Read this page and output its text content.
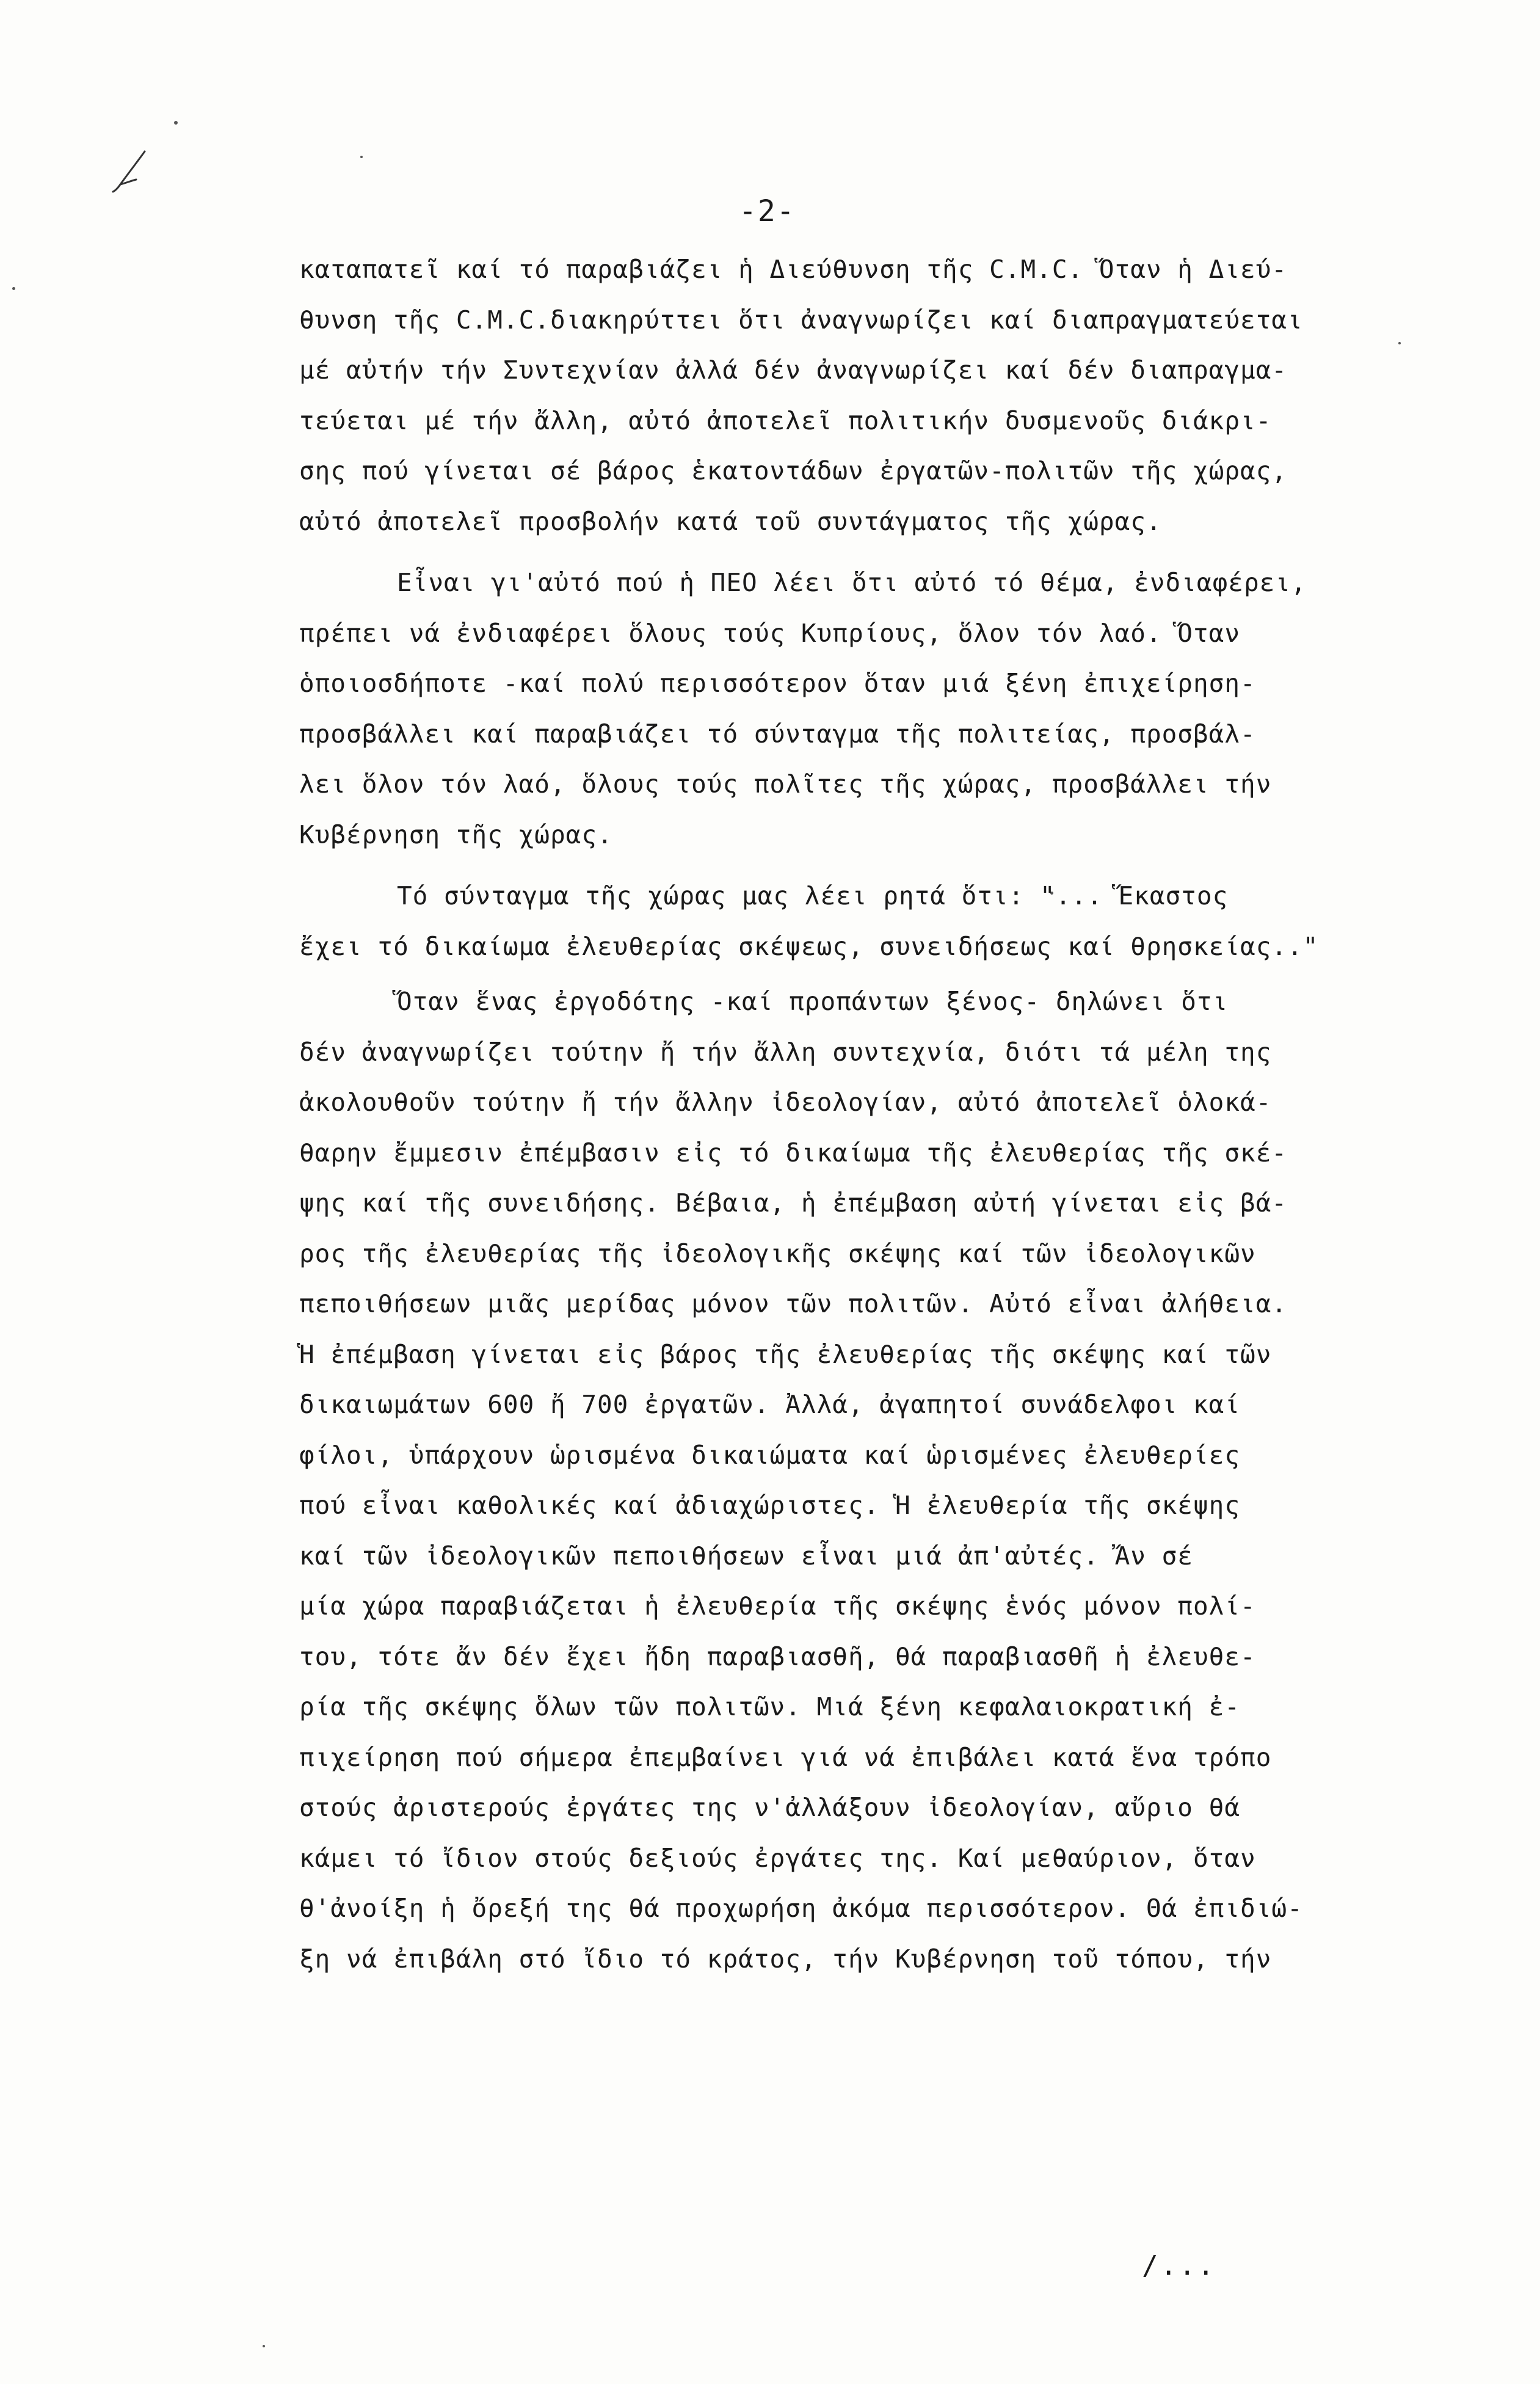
-2-
καταπατεῖ καί τό παραβιάζει ἡ Διεύθυνση τῆς C.M.C. Ὅταν ἡ Διεύ-
θυνση τῆς C.M.C.διακηρύττει ὅτι ἀναγνωρίζει καί διαπραγματεύεται
μέ αὐτήν τήν Συντεχνίαν ἀλλά δέν ἀναγνωρίζει καί δέν διαπραγμα-
τεύεται μέ τήν ἄλλη, αὐτό ἀποτελεῖ πολιτικήν δυσμενοῦς διάκρι-
σης πού γίνεται σέ βάρος ἑκατοντάδων ἐργατῶν-πολιτῶν τῆς χώρας,
αὐτό ἀποτελεῖ προσβολήν κατά τοῦ συντάγματος τῆς χώρας.
Εἶναι γι'αὐτό πού ἡ ΠΕΟ λέει ὅτι αὐτό τό θέμα, ἐνδιαφέρει,
πρέπει νά ἐνδιαφέρει ὅλους τούς Κυπρίους, ὅλον τόν λαό. Ὅταν
ὁποιοσδήποτε -καί πολύ περισσότερον ὅταν μιά ξένη ἐπιχείρηση-
προσβάλλει καί παραβιάζει τό σύνταγμα τῆς πολιτείας, προσβάλ-
λει ὅλον τόν λαό, ὅλους τούς πολῖτες τῆς χώρας, προσβάλλει τήν
Κυβέρνηση τῆς χώρας.
Τό σύνταγμα τῆς χώρας μας λέει ρητά ὅτι: "... Ἕκαστος
ἔχει τό δικαίωμα ἐλευθερίας σκέψεως, συνειδήσεως καί θρησκείας.."
Ὅταν ἕνας ἐργοδότης -καί προπάντων ξένος- δηλώνει ὅτι
δέν ἀναγνωρίζει τούτην ἤ τήν ἄλλη συντεχνία, διότι τά μέλη της
ἀκολουθοῦν τούτην ἤ τήν ἄλλην ἰδεολογίαν, αὐτό ἀποτελεῖ ὁλοκά-
θαρην ἔμμεσιν ἐπέμβασιν εἰς τό δικαίωμα τῆς ἐλευθερίας τῆς σκέ-
ψης καί τῆς συνειδήσης. Βέβαια, ἡ ἐπέμβαση αὐτή γίνεται εἰς βά-
ρος τῆς ἐλευθερίας τῆς ἰδεολογικῆς σκέψης καί τῶν ἰδεολογικῶν
πεποιθήσεων μιᾶς μερίδας μόνον τῶν πολιτῶν. Αὐτό εἶναι ἀλήθεια.
Ἡ ἐπέμβαση γίνεται εἰς βάρος τῆς ἐλευθερίας τῆς σκέψης καί τῶν
δικαιωμάτων 600 ἤ 700 ἐργατῶν. Ἀλλά, ἀγαπητοί συνάδελφοι καί
φίλοι, ὑπάρχουν ὡρισμένα δικαιώματα καί ὡρισμένες ἐλευθερίες
πού εἶναι καθολικές καί ἀδιαχώριστες. Ἡ ἐλευθερία τῆς σκέψης
καί τῶν ἰδεολογικῶν πεποιθήσεων εἶναι μιά ἀπ'αὐτές. Ἄν σέ
μία χώρα παραβιάζεται ἡ ἐλευθερία τῆς σκέψης ἑνός μόνον πολί-
του, τότε ἄν δέν ἔχει ἤδη παραβιασθῆ, θά παραβιασθῆ ἡ ἐλευθε-
ρία τῆς σκέψης ὅλων τῶν πολιτῶν. Μιά ξένη κεφαλαιοκρατική ἐ-
πιχείρηση πού σήμερα ἐπεμβαίνει γιά νά ἐπιβάλει κατά ἕνα τρόπο
στούς ἀριστερούς ἐργάτες της ν'ἀλλάξουν ἰδεολογίαν, αὔριο θά
κάμει τό ἴδιον στούς δεξιούς ἐργάτες της. Καί μεθαύριον, ὅταν
θ'ἀνοίξη ἡ ὄρεξή της θά προχωρήση ἀκόμα περισσότερον. Θά ἐπιδιώ-
ξη νά ἐπιβάλη στό ἴδιο τό κράτος, τήν Κυβέρνηση τοῦ τόπου, τήν
/...
